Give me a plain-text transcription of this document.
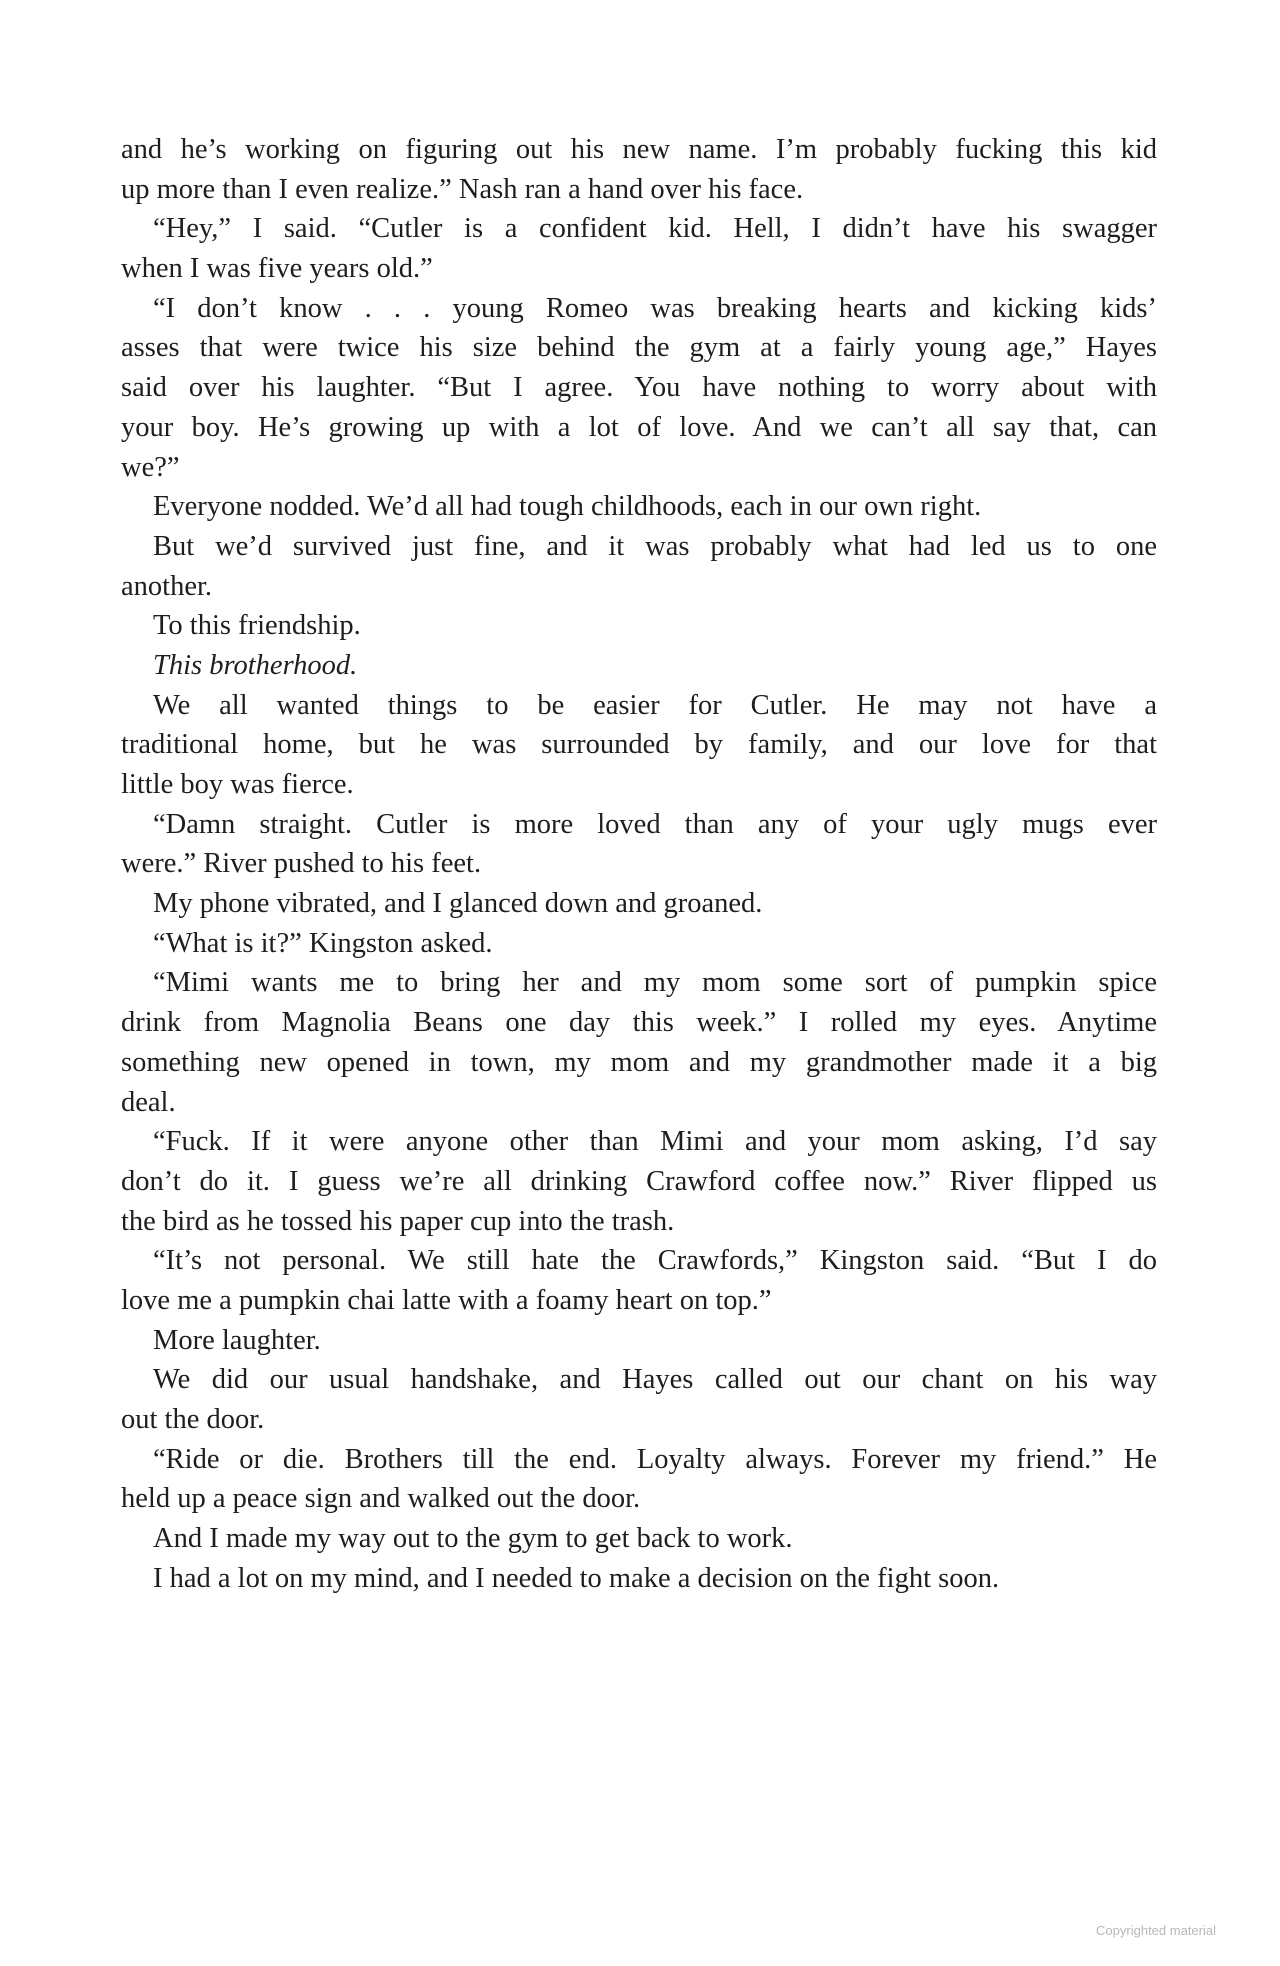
and he’s working on figuring out his new name. I’m probably fucking this kid
up more than I even realize.” Nash ran a hand over his face.
“Hey,” I said. “Cutler is a confident kid. Hell, I didn’t have his swagger
when I was five years old.”
“I don’t know . . . young Romeo was breaking hearts and kicking kids’
asses that were twice his size behind the gym at a fairly young age,” Hayes
said over his laughter. “But I agree. You have nothing to worry about with
your boy. He’s growing up with a lot of love. And we can’t all say that, can
we?”
Everyone nodded. We’d all had tough childhoods, each in our own right.
But we’d survived just fine, and it was probably what had led us to one
another.
To this friendship.
This brotherhood.
We all wanted things to be easier for Cutler. He may not have a
traditional home, but he was surrounded by family, and our love for that
little boy was fierce.
“Damn straight. Cutler is more loved than any of your ugly mugs ever
were.” River pushed to his feet.
My phone vibrated, and I glanced down and groaned.
“What is it?” Kingston asked.
“Mimi wants me to bring her and my mom some sort of pumpkin spice
drink from Magnolia Beans one day this week.” I rolled my eyes. Anytime
something new opened in town, my mom and my grandmother made it a big
deal.
“Fuck. If it were anyone other than Mimi and your mom asking, I’d say
don’t do it. I guess we’re all drinking Crawford coffee now.” River flipped us
the bird as he tossed his paper cup into the trash.
“It’s not personal. We still hate the Crawfords,” Kingston said. “But I do
love me a pumpkin chai latte with a foamy heart on top.”
More laughter.
We did our usual handshake, and Hayes called out our chant on his way
out the door.
“Ride or die. Brothers till the end. Loyalty always. Forever my friend.” He
held up a peace sign and walked out the door.
And I made my way out to the gym to get back to work.
I had a lot on my mind, and I needed to make a decision on the fight soon.
Copyrighted material
